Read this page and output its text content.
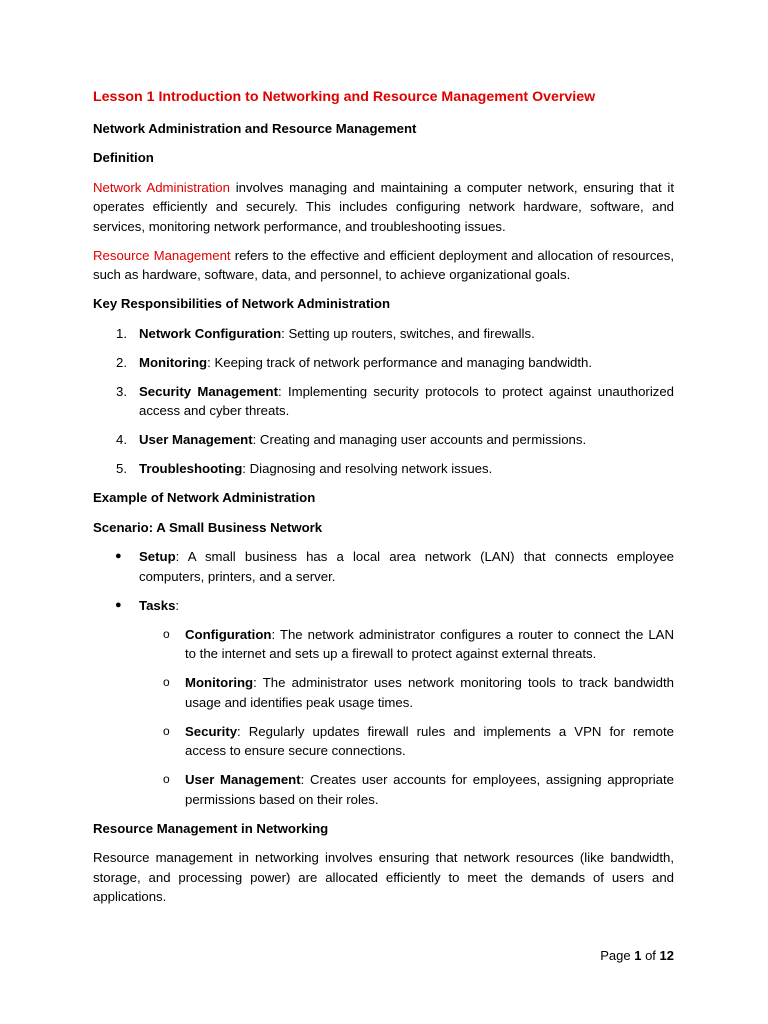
Lesson 1 Introduction to Networking and Resource Management Overview
Network Administration and Resource Management
Definition

Network Administration involves managing and maintaining a computer network, ensuring that it operates efficiently and securely. This includes configuring network hardware, software, and services, monitoring network performance, and troubleshooting issues.

Resource Management refers to the effective and efficient deployment and allocation of resources, such as hardware, software, data, and personnel, to achieve organizational goals.

Key Responsibilities of Network Administration
1. Network Configuration: Setting up routers, switches, and firewalls.
2. Monitoring: Keeping track of network performance and managing bandwidth.
3. Security Management: Implementing security protocols to protect against unauthorized access and cyber threats.
4. User Management: Creating and managing user accounts and permissions.
5. Troubleshooting: Diagnosing and resolving network issues.
Example of Network Administration
Scenario: A Small Business Network
● Setup: A small business has a local area network (LAN) that connects employee computers, printers, and a server.
● Tasks:
o Configuration: The network administrator configures a router to connect the LAN to the internet and sets up a firewall to protect against external threats.
o Monitoring: The administrator uses network monitoring tools to track bandwidth usage and identifies peak usage times.
o Security: Regularly updates firewall rules and implements a VPN for remote access to ensure secure connections.
o User Management: Creates user accounts for employees, assigning appropriate permissions based on their roles.
Resource Management in Networking

Resource management in networking involves ensuring that network resources (like bandwidth, storage, and processing power) are allocated efficiently to meet the demands of users and applications.

Page 1 of 12
